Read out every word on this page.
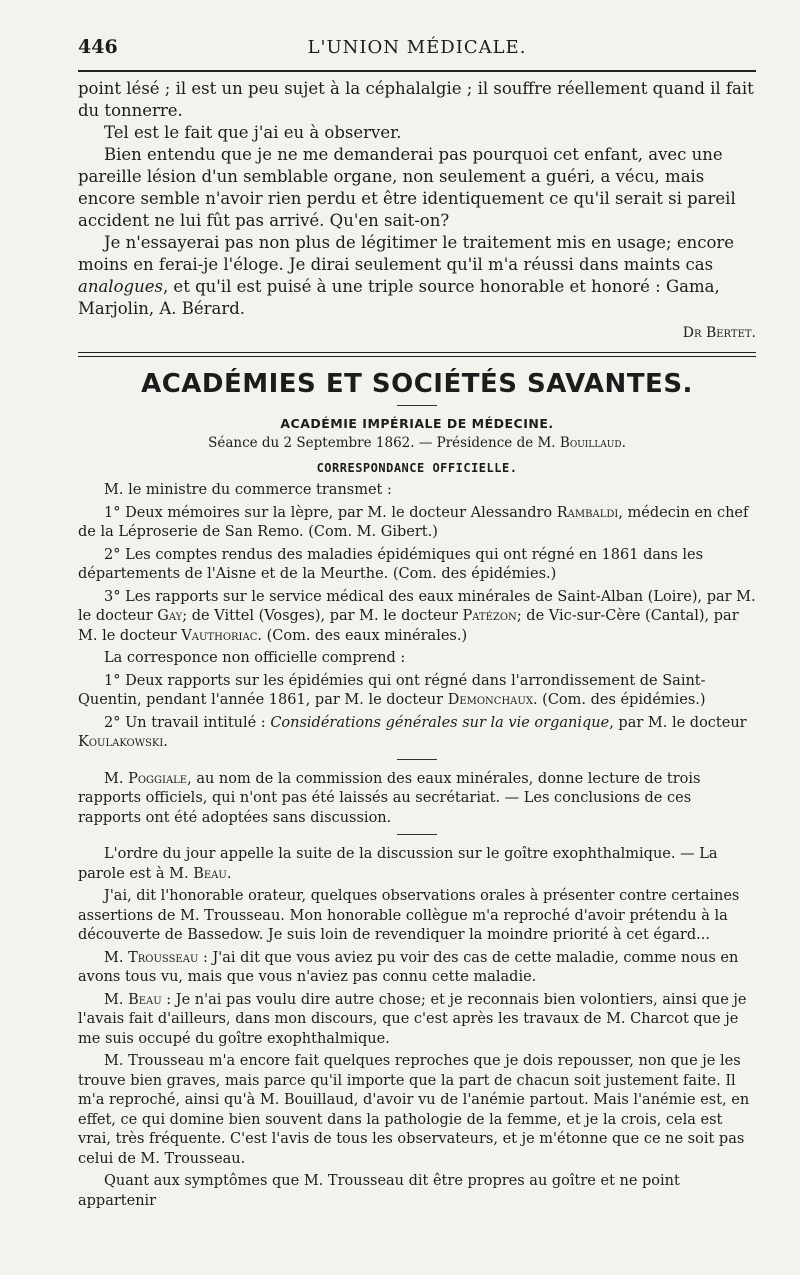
446	L'UNION MÉDICALE.

point lésé ; il est un peu sujet à la céphalalgie ; il souffre réellement quand il fait du tonnerre.

Tel est le fait que j'ai eu à observer.

Bien entendu que je ne me demanderai pas pourquoi cet enfant, avec une pareille lésion d'un semblable organe, non seulement a guéri, a vécu, mais encore semble n'avoir rien perdu et être identiquement ce qu'il serait si pareil accident ne lui fût pas arrivé. Qu'en sait-on?

Je n'essayerai pas non plus de légitimer le traitement mis en usage; encore moins en ferai-je l'éloge. Je dirai seulement qu'il m'a réussi dans maints cas analogues, et qu'il est puisé à une triple source honorable et honoré : Gama, Marjolin, A. Bérard.

Dr Bertet.
ACADÉMIES ET SOCIÉTÉS SAVANTES.
ACADÉMIE IMPÉRIALE DE MÉDECINE.
Séance du 2 Septembre 1862. — Présidence de M. Bouillaud.
CORRESPONDANCE OFFICIELLE.

M. le ministre du commerce transmet :

1° Deux mémoires sur la lèpre, par M. le docteur Alessandro Rambaldi, médecin en chef de la Léproserie de San Remo. (Com. M. Gibert.)

2° Les comptes rendus des maladies épidémiques qui ont régné en 1861 dans les départements de l'Aisne et de la Meurthe. (Com. des épidémies.)

3° Les rapports sur le service médical des eaux minérales de Saint-Alban (Loire), par M. le docteur Gay; de Vittel (Vosges), par M. le docteur Patézon; de Vic-sur-Cère (Cantal), par M. le docteur Vauthoriac. (Com. des eaux minérales.)

La corresponce non officielle comprend :

1° Deux rapports sur les épidémies qui ont régné dans l'arrondissement de Saint-Quentin, pendant l'année 1861, par M. le docteur Demonchaux. (Com. des épidémies.)

2° Un travail intitulé : Considérations générales sur la vie organique, par M. le docteur Koulakowski.

M. Poggiale, au nom de la commission des eaux minérales, donne lecture de trois rapports officiels, qui n'ont pas été laissés au secrétariat. — Les conclusions de ces rapports ont été adoptées sans discussion.

L'ordre du jour appelle la suite de la discussion sur le goître exophthalmique. — La parole est à M. Beau.

J'ai, dit l'honorable orateur, quelques observations orales à présenter contre certaines assertions de M. Trousseau. Mon honorable collègue m'a reproché d'avoir prétendu à la découverte de Bassedow. Je suis loin de revendiquer la moindre priorité à cet égard...

M. Trousseau : J'ai dit que vous aviez pu voir des cas de cette maladie, comme nous en avons tous vu, mais que vous n'aviez pas connu cette maladie.

M. Beau : Je n'ai pas voulu dire autre chose; et je reconnais bien volontiers, ainsi que je l'avais fait d'ailleurs, dans mon discours, que c'est après les travaux de M. Charcot que je me suis occupé du goître exophthalmique.

M. Trousseau m'a encore fait quelques reproches que je dois repousser, non que je les trouve bien graves, mais parce qu'il importe que la part de chacun soit justement faite. Il m'a reproché, ainsi qu'à M. Bouillaud, d'avoir vu de l'anémie partout. Mais l'anémie est, en effet, ce qui domine bien souvent dans la pathologie de la femme, et je la crois, cela est vrai, très fréquente. C'est l'avis de tous les observateurs, et je m'étonne que ce ne soit pas celui de M. Trousseau.

Quant aux symptômes que M. Trousseau dit être propres au goître et ne point appartenir
